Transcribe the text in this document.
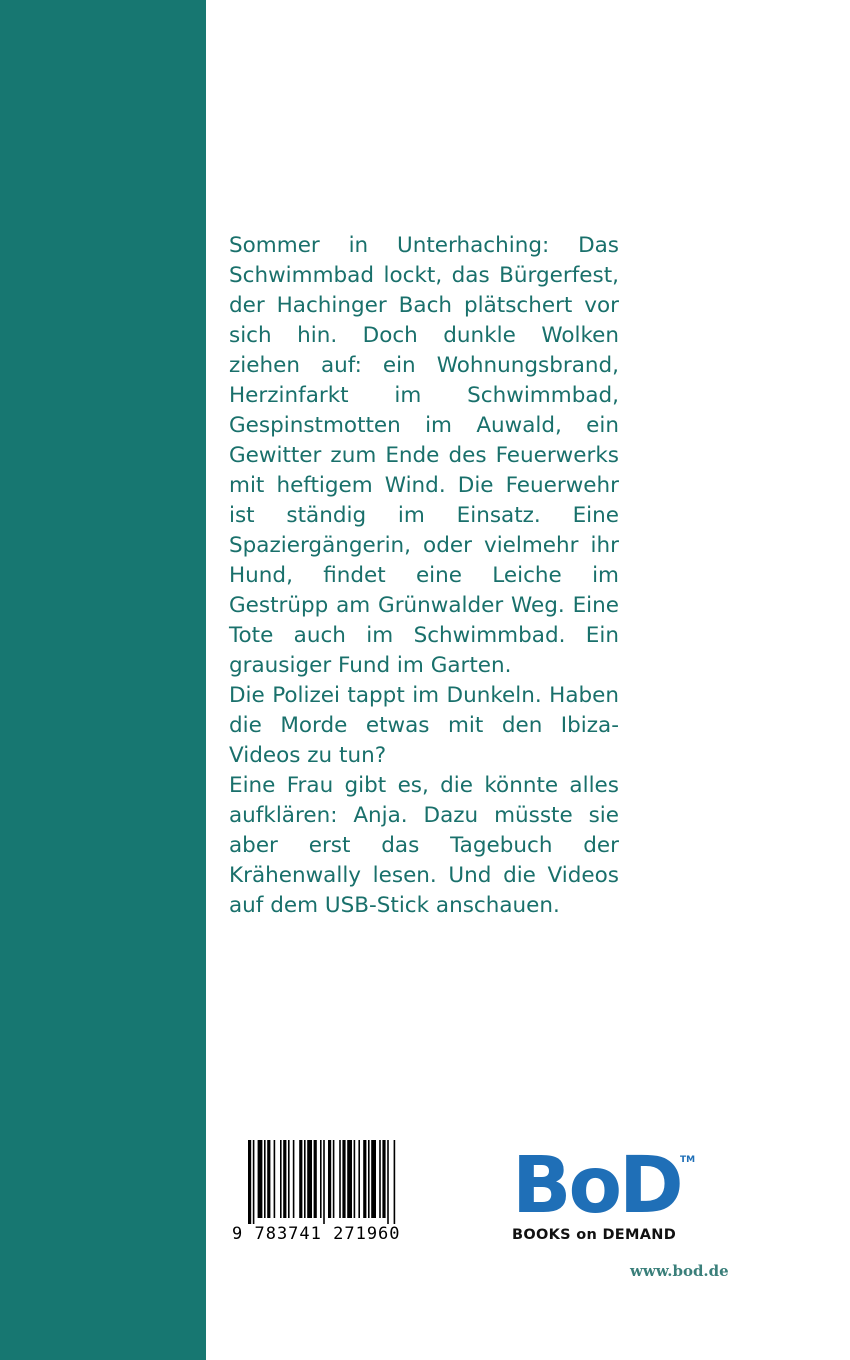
Sommer in Unterhaching: Das Schwimmbad lockt, das Bürgerfest, der Hachinger Bach plätschert vor sich hin. Doch dunkle Wolken ziehen auf: ein Wohnungsbrand, Herzinfarkt im Schwimmbad, Gespinstmotten im Auwald, ein Gewitter zum Ende des Feuerwerks mit heftigem Wind. Die Feuerwehr ist ständig im Einsatz. Eine Spaziergängerin, oder vielmehr ihr Hund, findet eine Leiche im Gestrüpp am Grünwalder Weg. Eine Tote auch im Schwimmbad. Ein grausiger Fund im Garten.

Die Polizei tappt im Dunkeln. Haben die Morde etwas mit den Ibiza-Videos zu tun?

Eine Frau gibt es, die könnte alles aufklären: Anja. Dazu müsste sie aber erst das Tagebuch der Krähenwally lesen. Und die Videos auf dem USB-Stick anschauen.

9 783741 271960
BoD TM
BOOKS on DEMAND
www.bod.de
